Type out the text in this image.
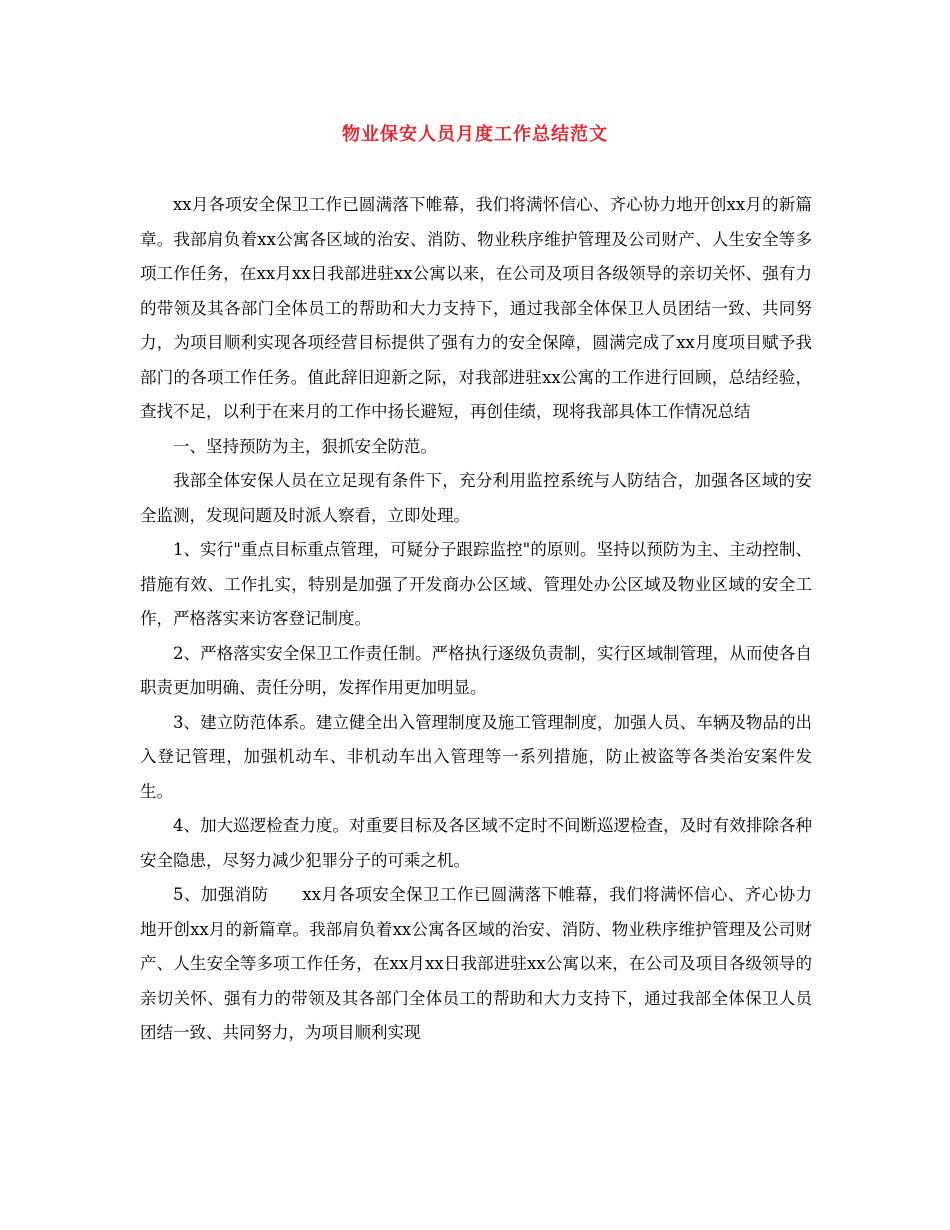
物业保安人员月度工作总结范文

xx月各项安全保卫工作已圆满落下帷幕，我们将满怀信心、齐心协力地开创xx月的新篇章。我部肩负着xx公寓各区域的治安、消防、物业秩序维护管理及公司财产、人生安全等多项工作任务，在xx月xx日我部进驻xx公寓以来，在公司及项目各级领导的亲切关怀、强有力的带领及其各部门全体员工的帮助和大力支持下，通过我部全体保卫人员团结一致、共同努力，为项目顺利实现各项经营目标提供了强有力的安全保障，圆满完成了xx月度项目赋予我部门的各项工作任务。值此辞旧迎新之际，对我部进驻xx公寓的工作进行回顾，总结经验，查找不足，以利于在来月的工作中扬长避短，再创佳绩，现将我部具体工作情况总结

一、坚持预防为主，狠抓安全防范。

我部全体安保人员在立足现有条件下，充分利用监控系统与人防结合，加强各区域的安全监测，发现问题及时派人察看，立即处理。

1、实行"重点目标重点管理，可疑分子跟踪监控"的原则。坚持以预防为主、主动控制、措施有效、工作扎实，特别是加强了开发商办公区域、管理处办公区域及物业区域的安全工作，严格落实来访客登记制度。

2、严格落实安全保卫工作责任制。严格执行逐级负责制，实行区域制管理，从而使各自职责更加明确、责任分明，发挥作用更加明显。

3、建立防范体系。建立健全出入管理制度及施工管理制度，加强人员、车辆及物品的出入登记管理，加强机动车、非机动车出入管理等一系列措施，防止被盗等各类治安案件发生。

4、加大巡逻检查力度。对重要目标及各区域不定时不间断巡逻检查，及时有效排除各种安全隐患，尽努力减少犯罪分子的可乘之机。

5、加强消防　　xx月各项安全保卫工作已圆满落下帷幕，我们将满怀信心、齐心协力地开创xx月的新篇章。我部肩负着xx公寓各区域的治安、消防、物业秩序维护管理及公司财产、人生安全等多项工作任务，在xx月xx日我部进驻xx公寓以来，在公司及项目各级领导的亲切关怀、强有力的带领及其各部门全体员工的帮助和大力支持下，通过我部全体保卫人员团结一致、共同努力，为项目顺利实现
